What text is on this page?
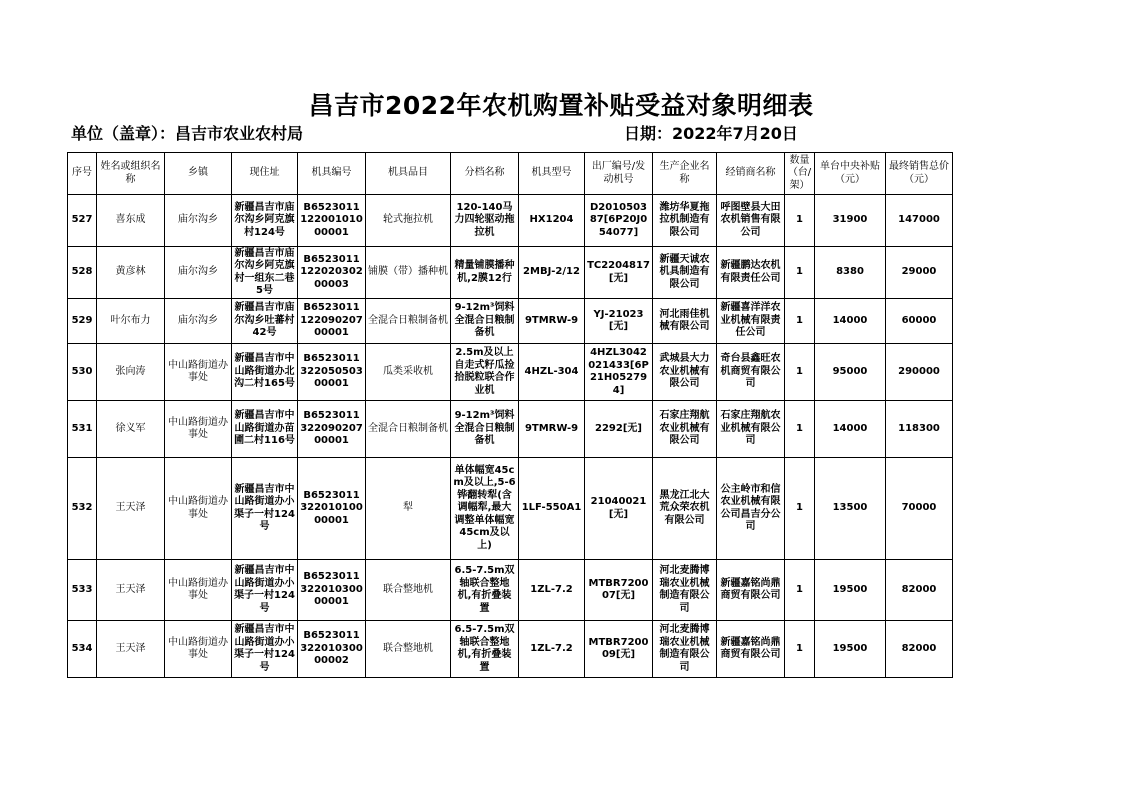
昌吉市2022年农机购置补贴受益对象明细表
单位（盖章）：昌吉市农业农村局	日期：2022年7月20日
序号	姓名或组织名称	乡镇	现住址	机具编号	机具品目	分档名称	机具型号	出厂编号/发动机号	生产企业名称	经销商名称	数量（台/架）	单台中央补贴（元）	最终销售总价（元）
527	喜东成	庙尔沟乡	新疆昌吉市庙尔沟乡阿克旗村124号	B652301112200101000001	轮式拖拉机	120-140马力四轮驱动拖拉机	HX1204	D201050387[6P20J054077]	潍坊华夏拖拉机制造有限公司	呼图壁县大田农机销售有限公司	1	31900	147000
528	黄彦林	庙尔沟乡	新疆昌吉市庙尔沟乡阿克旗村一组东二巷5号	B652301112202030200003	铺膜（带）播种机	精量铺膜播种机,2膜12行	2MBJ-2/12	TC2204817[无]	新疆天诚农机具制造有限公司	新疆鹏达农机有限责任公司	1	8380	29000
529	叶尔布力	庙尔沟乡	新疆昌吉市庙尔沟乡吐蕃村42号	B652301112209020700001	全混合日粮制备机	9-12m³饲料全混合日粮制备机	9TMRW-9	YJ-21023[无]	河北雨佳机械有限公司	新疆喜洋洋农业机械有限责任公司	1	14000	60000
530	张向涛	中山路街道办事处	新疆昌吉市中山路街道办北沟二村165号	B652301132205050300001	瓜类采收机	2.5m及以上自走式籽瓜捡拾脱粒联合作业机	4HZL-304	4HZL3042021433[6P21H052794]	武城县大力农业机械有限公司	奇台县鑫旺农机商贸有限公司	1	95000	290000
531	徐义军	中山路街道办事处	新疆昌吉市中山路街道办苗圃二村116号	B652301132209020700001	全混合日粮制备机	9-12m³饲料全混合日粮制备机	9TMRW-9	2292[无]	石家庄翔航农业机械有限公司	石家庄翔航农业机械有限公司	1	14000	118300
532	王天泽	中山路街道办事处	新疆昌吉市中山路街道办小渠子一村124号	B652301132201010000001	犁	单体幅宽45cm及以上,5-6铧翻转犁(含调幅犁,最大调整单体幅宽45cm及以上)	1LF-550A1	21040021[无]	黑龙江北大荒众荣农机有限公司	公主岭市和信农业机械有限公司昌吉分公司	1	13500	70000
533	王天泽	中山路街道办事处	新疆昌吉市中山路街道办小渠子一村124号	B652301132201030000001	联合整地机	6.5-7.5m双轴联合整地机,有折叠装置	1ZL-7.2	MTBR720007[无]	河北麦腾博瑞农业机械制造有限公司	新疆嘉铭尚鼎商贸有限公司	1	19500	82000
534	王天泽	中山路街道办事处	新疆昌吉市中山路街道办小渠子一村124号	B652301132201030000002	联合整地机	6.5-7.5m双轴联合整地机,有折叠装置	1ZL-7.2	MTBR720009[无]	河北麦腾博瑞农业机械制造有限公司	新疆嘉铭尚鼎商贸有限公司	1	19500	82000
